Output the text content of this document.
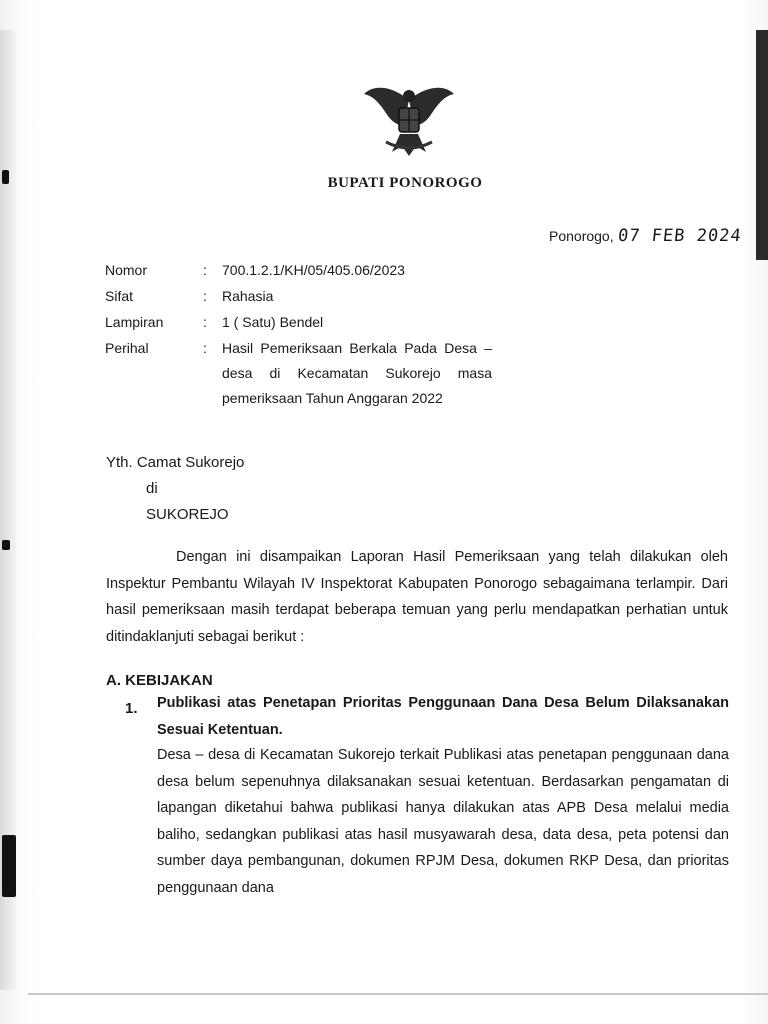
BUPATI PONOROGO
Ponorogo, 07 FEB 2024
Nomor	: 700.1.2.1/KH/05/405.06/2023
Sifat	: Rahasia
Lampiran	: 1 ( Satu) Bendel
Perihal	: Hasil Pemeriksaan Berkala Pada Desa – desa di Kecamatan Sukorejo masa pemeriksaan Tahun Anggaran 2022
Yth. Camat Sukorejo
di
SUKOREJO
Dengan ini disampaikan Laporan Hasil Pemeriksaan yang telah dilakukan oleh Inspektur Pembantu Wilayah IV Inspektorat Kabupaten Ponorogo sebagaimana terlampir. Dari hasil pemeriksaan masih terdapat beberapa temuan yang perlu mendapatkan perhatian untuk ditindaklanjuti sebagai berikut :
A. KEBIJAKAN
1. Publikasi atas Penetapan Prioritas Penggunaan Dana Desa Belum Dilaksanakan Sesuai Ketentuan.
Desa – desa di Kecamatan Sukorejo terkait Publikasi atas penetapan penggunaan dana desa belum sepenuhnya dilaksanakan sesuai ketentuan. Berdasarkan pengamatan di lapangan diketahui bahwa publikasi hanya dilakukan atas APB Desa melalui media baliho, sedangkan publikasi atas hasil musyawarah desa, data desa, peta potensi dan sumber daya pembangunan, dokumen RPJM Desa, dokumen RKP Desa, dan prioritas penggunaan dana
